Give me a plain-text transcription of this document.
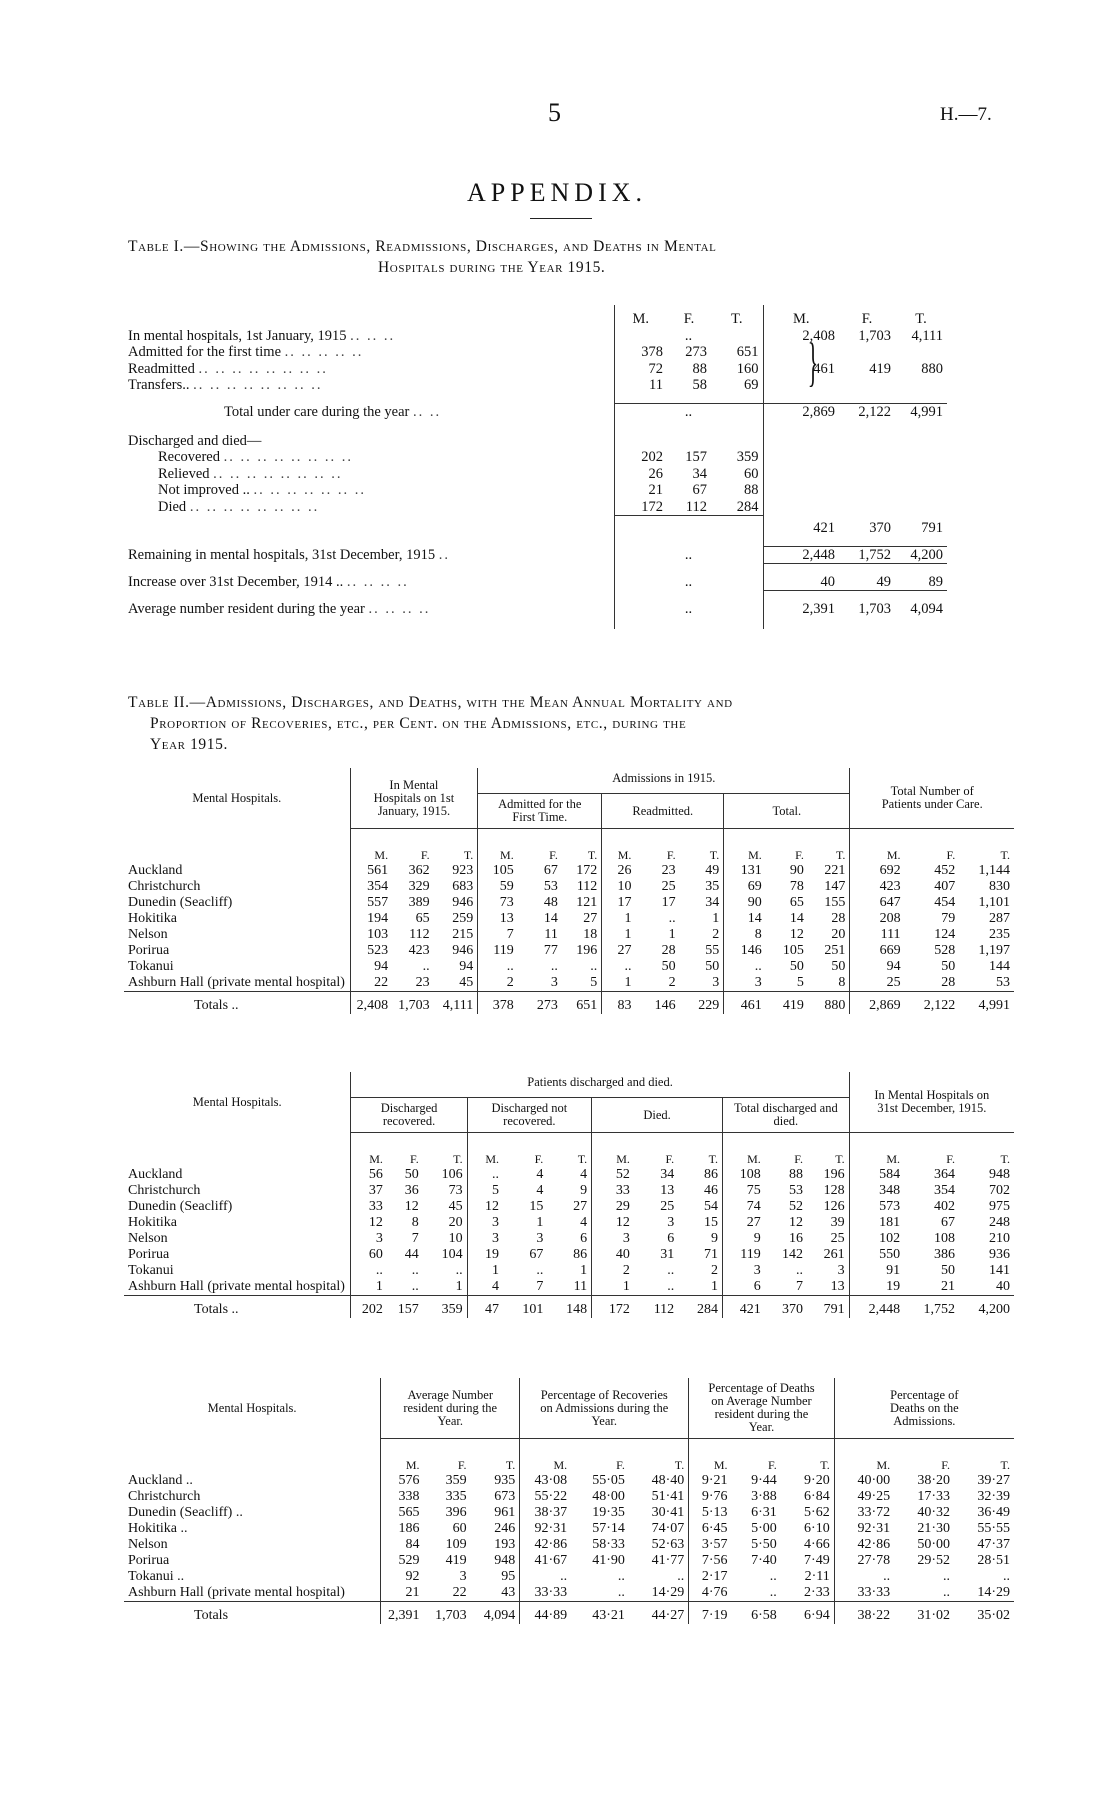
5	H.—7.
APPENDIX.
Table I.—Showing the Admissions, Readmissions, Discharges, and Deaths in Mental
Hospitals during the Year 1915.
	M.	F.	T.	M.	F.	T.
In mental hospitals, 1st January, 1915 .. .. ..	..			2,408	1,703	4,111
Admitted for the first time .. .. .. .. ..	378	273	651			
Readmitted .. .. .. .. .. .. .. ..	72	88	160	461	419	880
Transfers.. .. .. .. .. .. .. .. ..	11	58	69			

Total under care during the year .. ..	..			2,869	2,122	4,991

Discharged and died—						
Recovered .. .. .. .. .. .. .. ..	202	157	359			
Relieved .. .. .. .. .. .. .. ..	26	34	60			
Not improved .. .. .. .. .. .. .. ..	21	67	88			
Died .. .. .. .. .. .. .. ..	172	112	284			
				421	370	791

Remaining in mental hospitals, 31st December, 1915 ..	..			2,448	1,752	4,200

Increase over 31st December, 1914 .. .. .. .. ..	..			40	49	89

Average number resident during the year .. .. .. ..	..			2,391	1,703	4,094

}
Table II.—Admissions, Discharges, and Deaths, with the Mean Annual Mortality and
Proportion of Recoveries, etc., per Cent. on the Admissions, etc., during the
Year 1915.
Mental Hospitals.	In Mental Hospitals on 1st January, 1915.			Admissions in 1915.									Total Number of Patients under Care.		
				Admitted for the First Time.			Readmitted.			Total.					

	M.	F.	T.	M.	F.	T.	M.	F.	T.	M.	F.	T.	M.	F.	T.
Auckland	561	362	923	105	67	172	26	23	49	131	90	221	692	452	1,144
Christchurch	354	329	683	59	53	112	10	25	35	69	78	147	423	407	830
Dunedin (Seacliff)	557	389	946	73	48	121	17	17	34	90	65	155	647	454	1,101
Hokitika	194	65	259	13	14	27	1	..	1	14	14	28	208	79	287
Nelson	103	112	215	7	11	18	1	1	2	8	12	20	111	124	235
Porirua	523	423	946	119	77	196	27	28	55	146	105	251	669	528	1,197
Tokanui	94	..	94	..	..	..	..	50	50	..	50	50	94	50	144
Ashburn Hall (private mental hospital)	22	23	45	2	3	5	1	2	3	3	5	8	25	28	53
Totals ..	2,408	1,703	4,111	378	273	651	83	146	229	461	419	880	2,869	2,122	4,991
Mental Hospitals.	Patients discharged and died.												In Mental Hospitals on 31st December, 1915.		
	Discharged recovered.			Discharged not recovered.			Died.			Total discharged and died.					

	M.	F.	T.	M.	F.	T.	M.	F.	T.	M.	F.	T.	M.	F.	T.
Auckland	56	50	106	..	4	4	52	34	86	108	88	196	584	364	948
Christchurch	37	36	73	5	4	9	33	13	46	75	53	128	348	354	702
Dunedin (Seacliff)	33	12	45	12	15	27	29	25	54	74	52	126	573	402	975
Hokitika	12	8	20	3	1	4	12	3	15	27	12	39	181	67	248
Nelson	3	7	10	3	3	6	3	6	9	9	16	25	102	108	210
Porirua	60	44	104	19	67	86	40	31	71	119	142	261	550	386	936
Tokanui	..	..	..	1	..	1	2	..	2	3	..	3	91	50	141
Ashburn Hall (private mental hospital)	1	..	1	4	7	11	1	..	1	6	7	13	19	21	40
Totals ..	202	157	359	47	101	148	172	112	284	421	370	791	2,448	1,752	4,200
Mental Hospitals.	Average Number resident during the Year.			Percentage of Recoveries on Admissions during the Year.			Percentage of Deaths on Average Number resident during the Year.			Percentage of Deaths on the Admissions.		

	M.	F.	T.	M.	F.	T.	M.	F.	T.	M.	F.	T.
Auckland ..	576	359	935	43·08	55·05	48·40	9·21	9·44	9·20	40·00	38·20	39·27
Christchurch	338	335	673	55·22	48·00	51·41	9·76	3·88	6·84	49·25	17·33	32·39
Dunedin (Seacliff) ..	565	396	961	38·37	19·35	30·41	5·13	6·31	5·62	33·72	40·32	36·49
Hokitika ..	186	60	246	92·31	57·14	74·07	6·45	5·00	6·10	92·31	21·30	55·55
Nelson	84	109	193	42·86	58·33	52·63	3·57	5·50	4·66	42·86	50·00	47·37
Porirua	529	419	948	41·67	41·90	41·77	7·56	7·40	7·49	27·78	29·52	28·51
Tokanui ..	92	3	95	..	..	..	2·17	..	2·11	..	..	..
Ashburn Hall (private mental hospital)	21	22	43	33·33	..	14·29	4·76	..	2·33	33·33	..	14·29
Totals	2,391	1,703	4,094	44·89	43·21	44·27	7·19	6·58	6·94	38·22	31·02	35·02
